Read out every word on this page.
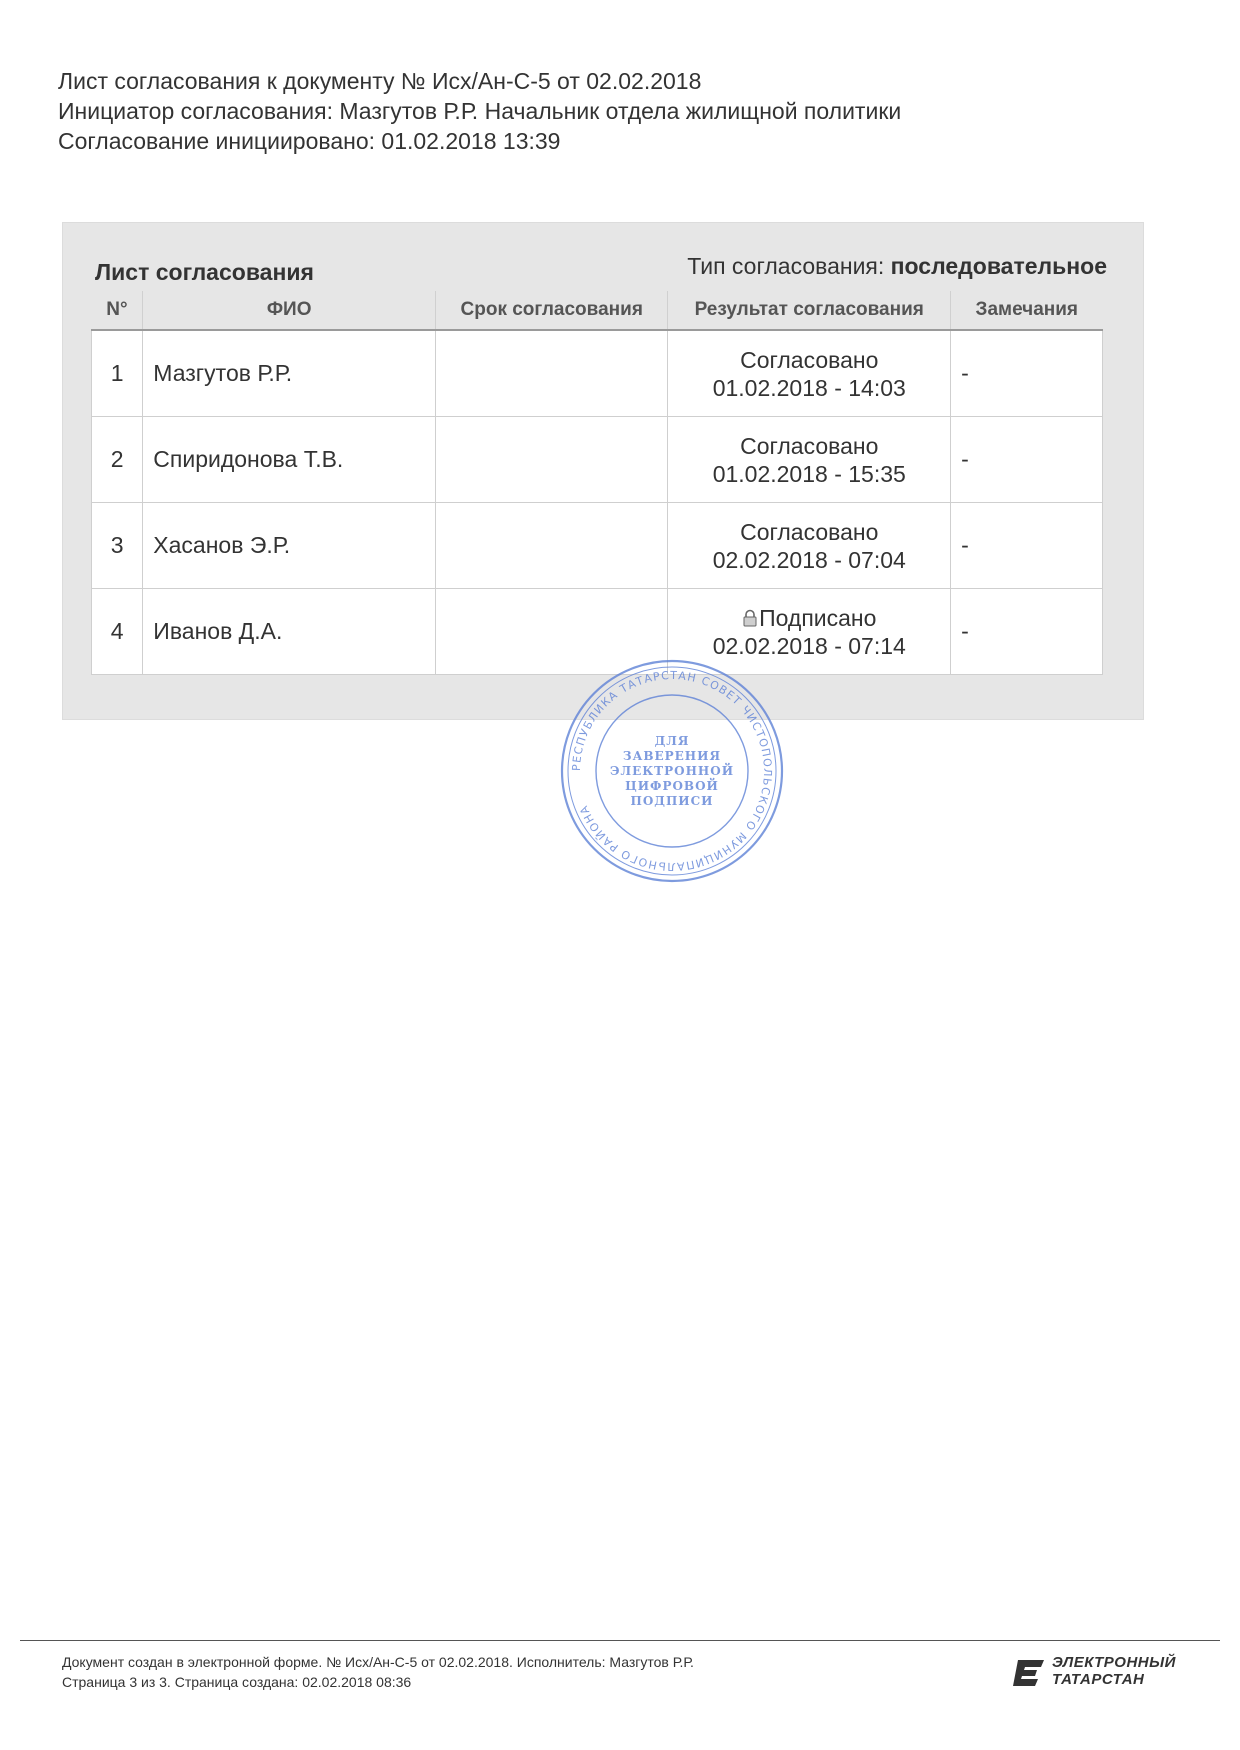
Лист согласования к документу № Исх/Ан-С-5 от 02.02.2018
Инициатор согласования: Мазгутов Р.Р. Начальник отдела жилищной политики
Согласование инициировано: 01.02.2018 13:39
Лист согласования	Тип согласования: последовательное
N°	ФИО	Срок согласования	Результат согласования	Замечания
1	Мазгутов Р.Р.		Согласовано
01.02.2018 - 14:03	-
2	Спиридонова Т.В.		Согласовано
01.02.2018 - 15:35	-
3	Хасанов Э.Р.		Согласовано
02.02.2018 - 07:04	-
4	Иванов Д.А.		Подписано
02.02.2018 - 07:14	-
РЕСПУБЛИКА ТАТАРСТАН СОВЕТ ЧИСТОПОЛЬСКОГО МУНИЦИПАЛЬНОГО РАЙОНА
ДЛЯ
ЗАВЕРЕНИЯ
ЭЛЕКТРОННОЙ
ЦИФРОВОЙ
ПОДПИСИ
Документ создан в электронной форме. № Исх/Ан-С-5 от 02.02.2018. Исполнитель: Мазгутов Р.Р.
Страница 3 из 3. Страница создана: 02.02.2018 08:36
ЭЛЕКТРОННЫЙ
ТАТАРСТАН
